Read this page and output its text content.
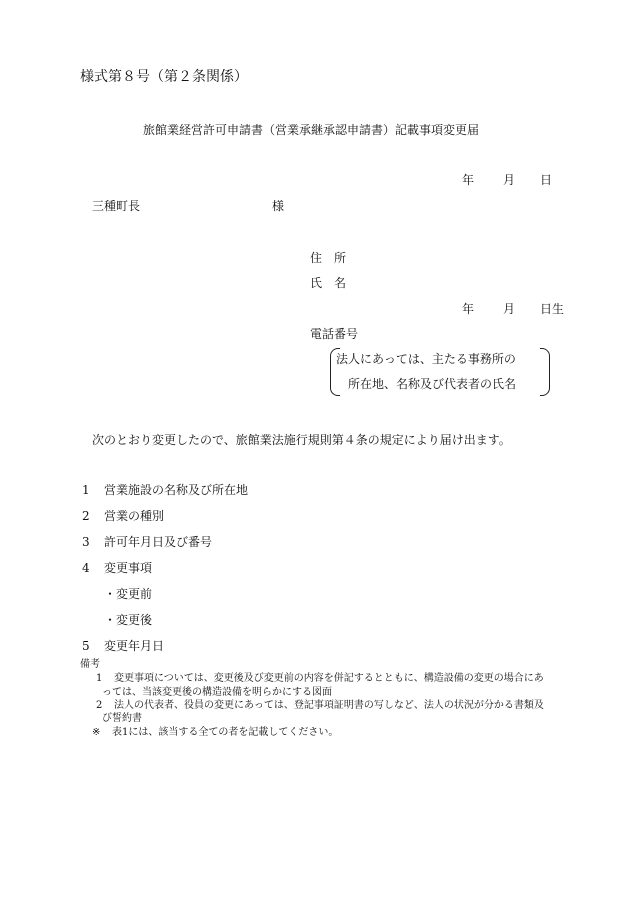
様式第８号（第２条関係）
旅館業経営許可申請書（営業承継承認申請書）記載事項変更届
年 月 日
三種町長	様
住　所
氏　名
年 月 日生
電話番号
法人にあっては、主たる事務所の
所在地、名称及び代表者の氏名
次のとおり変更したので、旅館業法施行規則第４条の規定により届け出ます。
1 営業施設の名称及び所在地
2 営業の種別
3 許可年月日及び番号
4 変更事項
・変更前
・変更後
5 変更年月日
備考
1 変更事項については、変更後及び変更前の内容を併記するとともに、構造設備の変更の場合にあ
っては、当該変更後の構造設備を明らかにする図面
2 法人の代表者、役員の変更にあっては、登記事項証明書の写しなど、法人の状況が分かる書類及
び誓約書
※ 表1には、該当する全ての者を記載してください。
